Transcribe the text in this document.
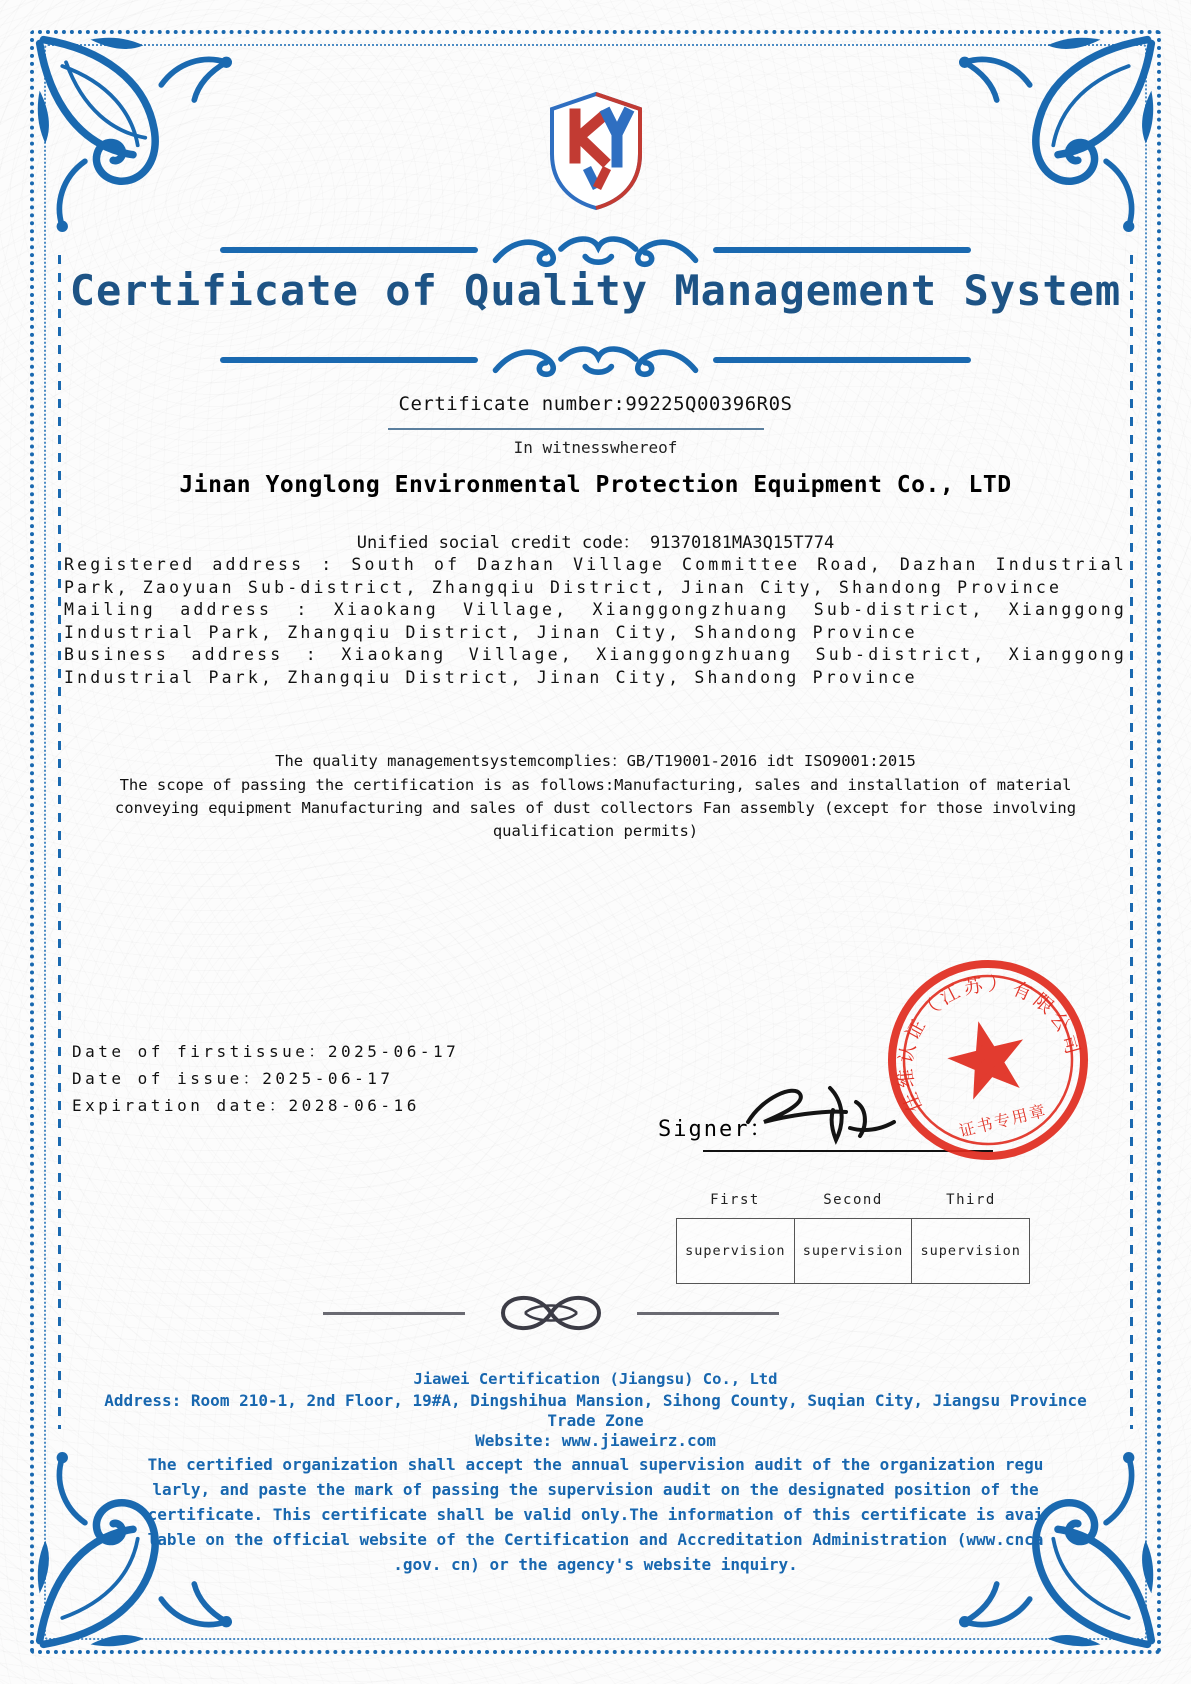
Certificate of Quality Management System
Certificate number:99225Q00396R0S
In witnesswhereof
Jinan Yonglong Environmental Protection Equipment Co., LTD
Unified social credit code： 91370181MA3Q15T774

Registered address : South of Dazhan Village Committee Road, Dazhan Industrial Park, Zaoyuan Sub-district, Zhangqiu District, Jinan City, Shandong Province

Mailing address : Xiaokang Village, Xianggongzhuang Sub-district, Xianggong Industrial Park, Zhangqiu District, Jinan City, Shandong Province

Business address : Xiaokang Village, Xianggongzhuang Sub-district, Xianggong Industrial Park, Zhangqiu District, Jinan City, Shandong Province

The quality managementsystemcomplies：GB/T19001-2016 idt ISO9001:2015
The scope of passing the certification is as follows:Manufacturing, sales and installation of material conveying equipment Manufacturing and sales of dust collectors Fan assembly (except for those involving qualification permits)
Date of firstissue：2025-06-17
Date of issue：2025-06-17
Expiration date：2028-06-16
Signer：
佳维认证（江苏）有限公司
证书专用章
First	Second	Third
supervision	supervision	supervision
Jiawei Certification (Jiangsu) Co., Ltd
Address: Room 210-1, 2nd Floor, 19#A, Dingshihua Mansion, Sihong County, Suqian City, Jiangsu Province
Trade Zone
Website: www.jiaweirz.com
The certified organization shall accept the annual supervision audit of the organization regu
larly, and paste the mark of passing the supervision audit on the designated position of the
certificate. This certificate shall be valid only.The information of this certificate is avai
lable on the official website of the Certification and Accreditation Administration (www.cnca
.gov. cn) or the agency's website inquiry.
